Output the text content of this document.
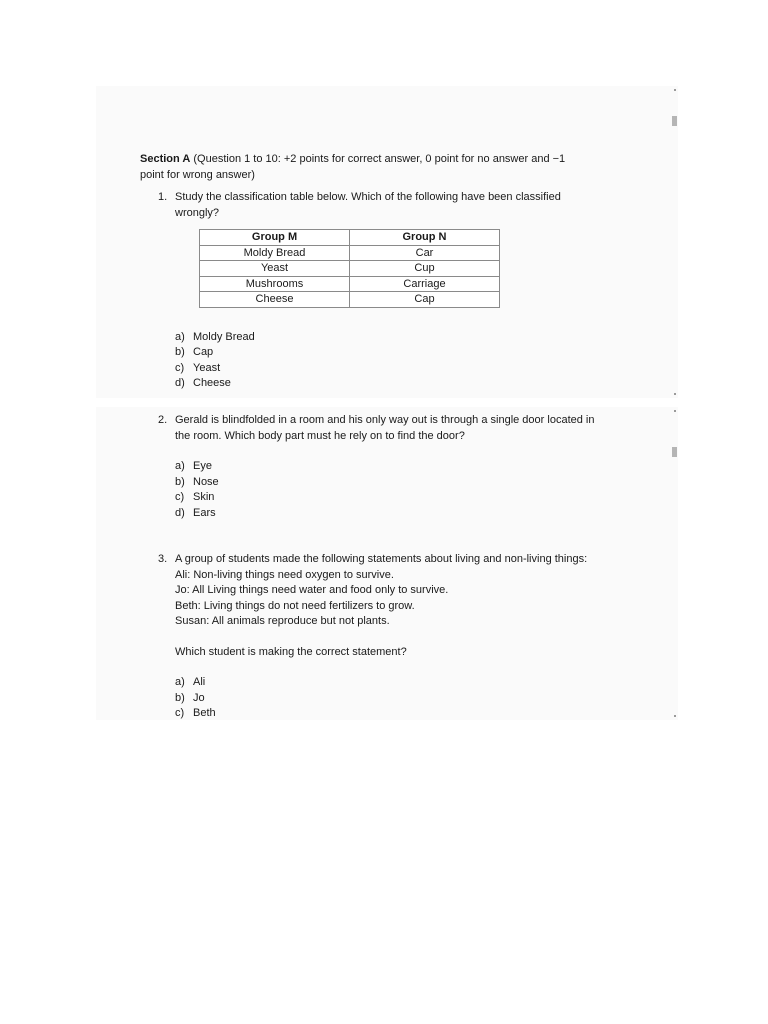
Section A (Question 1 to 10: +2 points for correct answer, 0 point for no answer and −1
point for wrong answer)
1. Study the classification table below. Which of the following have been classified
wrongly?
Group M	Group N
Moldy Bread	Car
Yeast	Cup
Mushrooms	Carriage
Cheese	Cap
a) Moldy Bread
b) Cap
c) Yeast
d) Cheese
2. Gerald is blindfolded in a room and his only way out is through a single door located in
the room. Which body part must he rely on to find the door?
a) Eye
b) Nose
c) Skin
d) Ears
3. A group of students made the following statements about living and non-living things:
Ali: Non-living things need oxygen to survive.
Jo: All Living things need water and food only to survive.
Beth: Living things do not need fertilizers to grow.
Susan: All animals reproduce but not plants.
Which student is making the correct statement?
a) Ali
b) Jo
c) Beth
